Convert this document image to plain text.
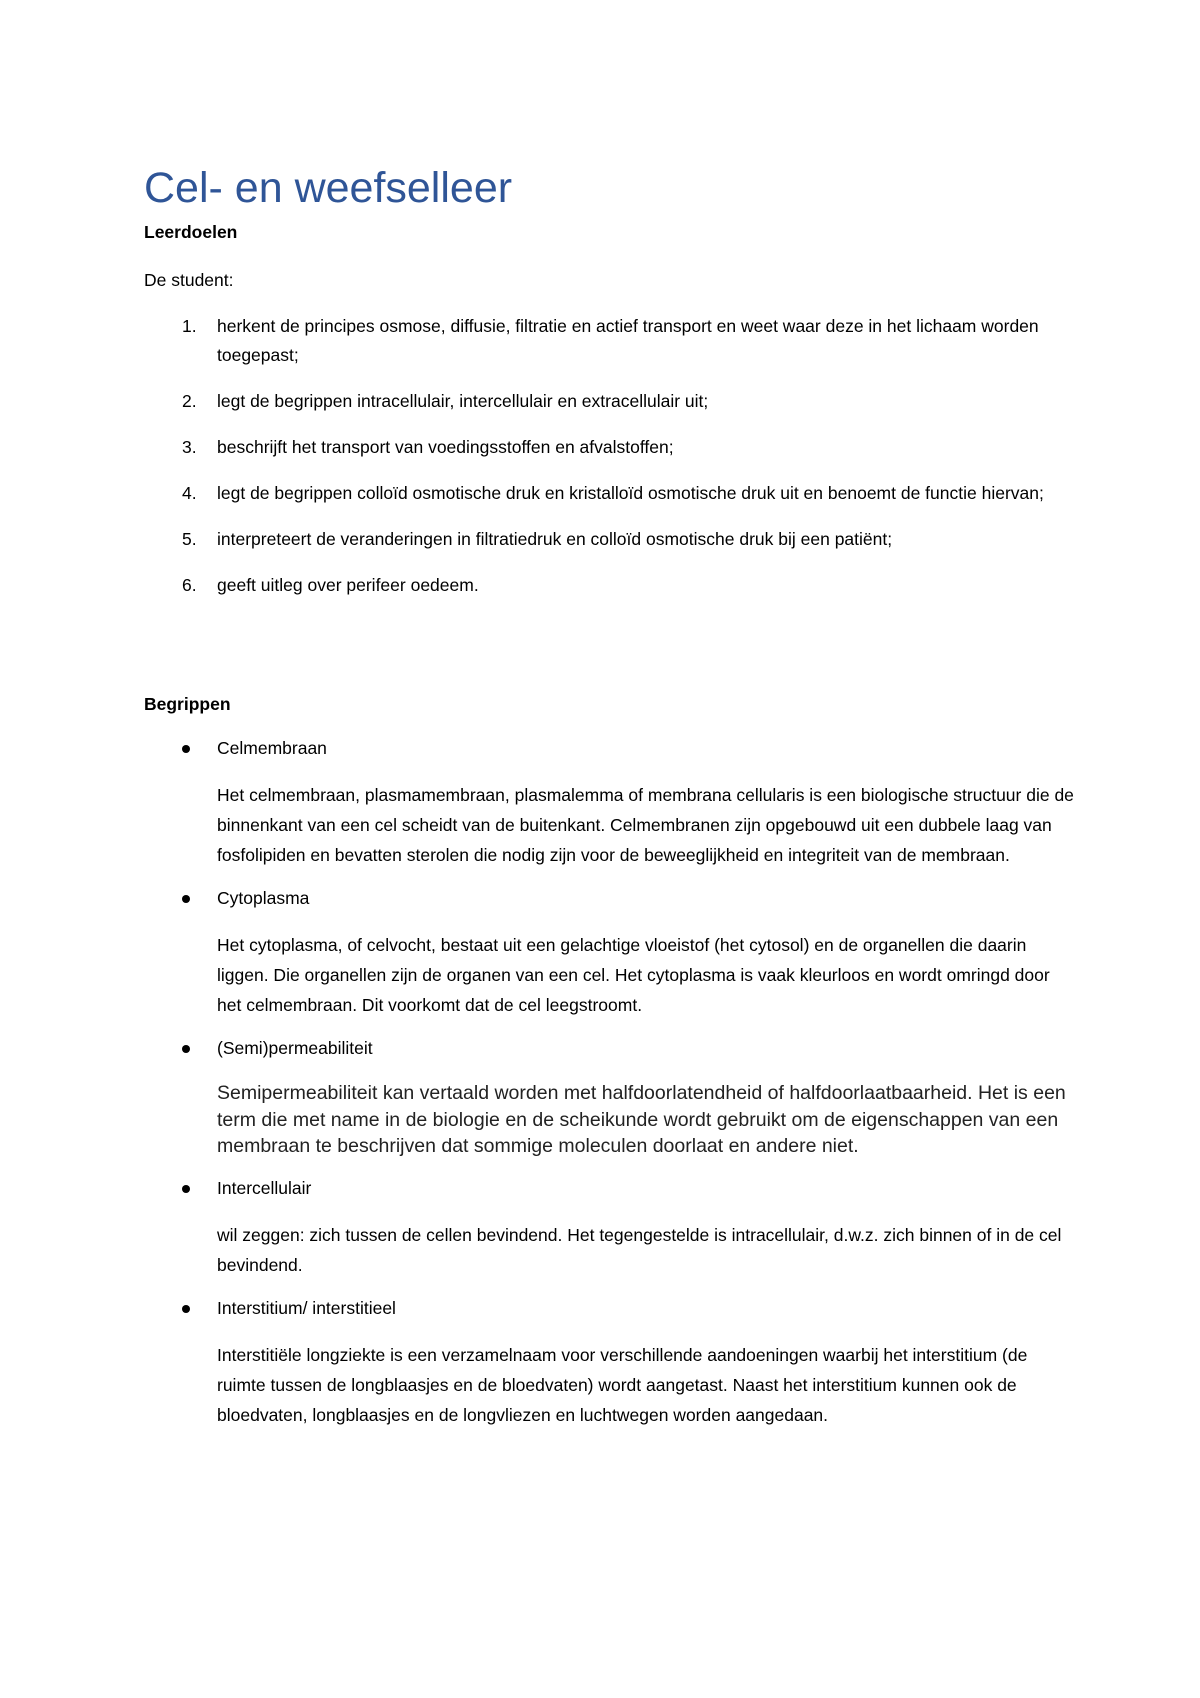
Cel- en weefselleer
Leerdoelen

De student:

1. herkent de principes osmose, diffusie, filtratie en actief transport en weet waar deze in het lichaam worden toegepast;
2. legt de begrippen intracellulair, intercellulair en extracellulair uit;
3. beschrijft het transport van voedingsstoffen en afvalstoffen;
4. legt de begrippen colloïd osmotische druk en kristalloïd osmotische druk uit en benoemt de functie hiervan;
5. interpreteert de veranderingen in filtratiedruk en colloïd osmotische druk bij een patiënt;
6. geeft uitleg over perifeer oedeem.
Begrippen

Celmembraan

Het celmembraan, plasmamembraan, plasmalemma of membrana cellularis is een biologische structuur die de binnenkant van een cel scheidt van de buitenkant. Celmembranen zijn opgebouwd uit een dubbele laag van fosfolipiden en bevatten sterolen die nodig zijn voor de beweeglijkheid en integriteit van de membraan.

Cytoplasma

Het cytoplasma, of celvocht, bestaat uit een gelachtige vloeistof (het cytosol) en de organellen die daarin liggen. Die organellen zijn de organen van een cel. Het cytoplasma is vaak kleurloos en wordt omringd door het celmembraan. Dit voorkomt dat de cel leegstroomt.

(Semi)permeabiliteit

Semipermeabiliteit kan vertaald worden met halfdoorlatendheid of halfdoorlaatbaarheid. Het is een term die met name in de biologie en de scheikunde wordt gebruikt om de eigenschappen van een membraan te beschrijven dat sommige moleculen doorlaat en andere niet.

Intercellulair

wil zeggen: zich tussen de cellen bevindend. Het tegengestelde is intracellulair, d.w.z. zich binnen of in de cel bevindend.

Interstitium/ interstitieel

Interstitiële longziekte is een verzamelnaam voor verschillende aandoeningen waarbij het interstitium (de ruimte tussen de longblaasjes en de bloedvaten) wordt aangetast. Naast het interstitium kunnen ook de bloedvaten, longblaasjes en de longvliezen en luchtwegen worden aangedaan.
